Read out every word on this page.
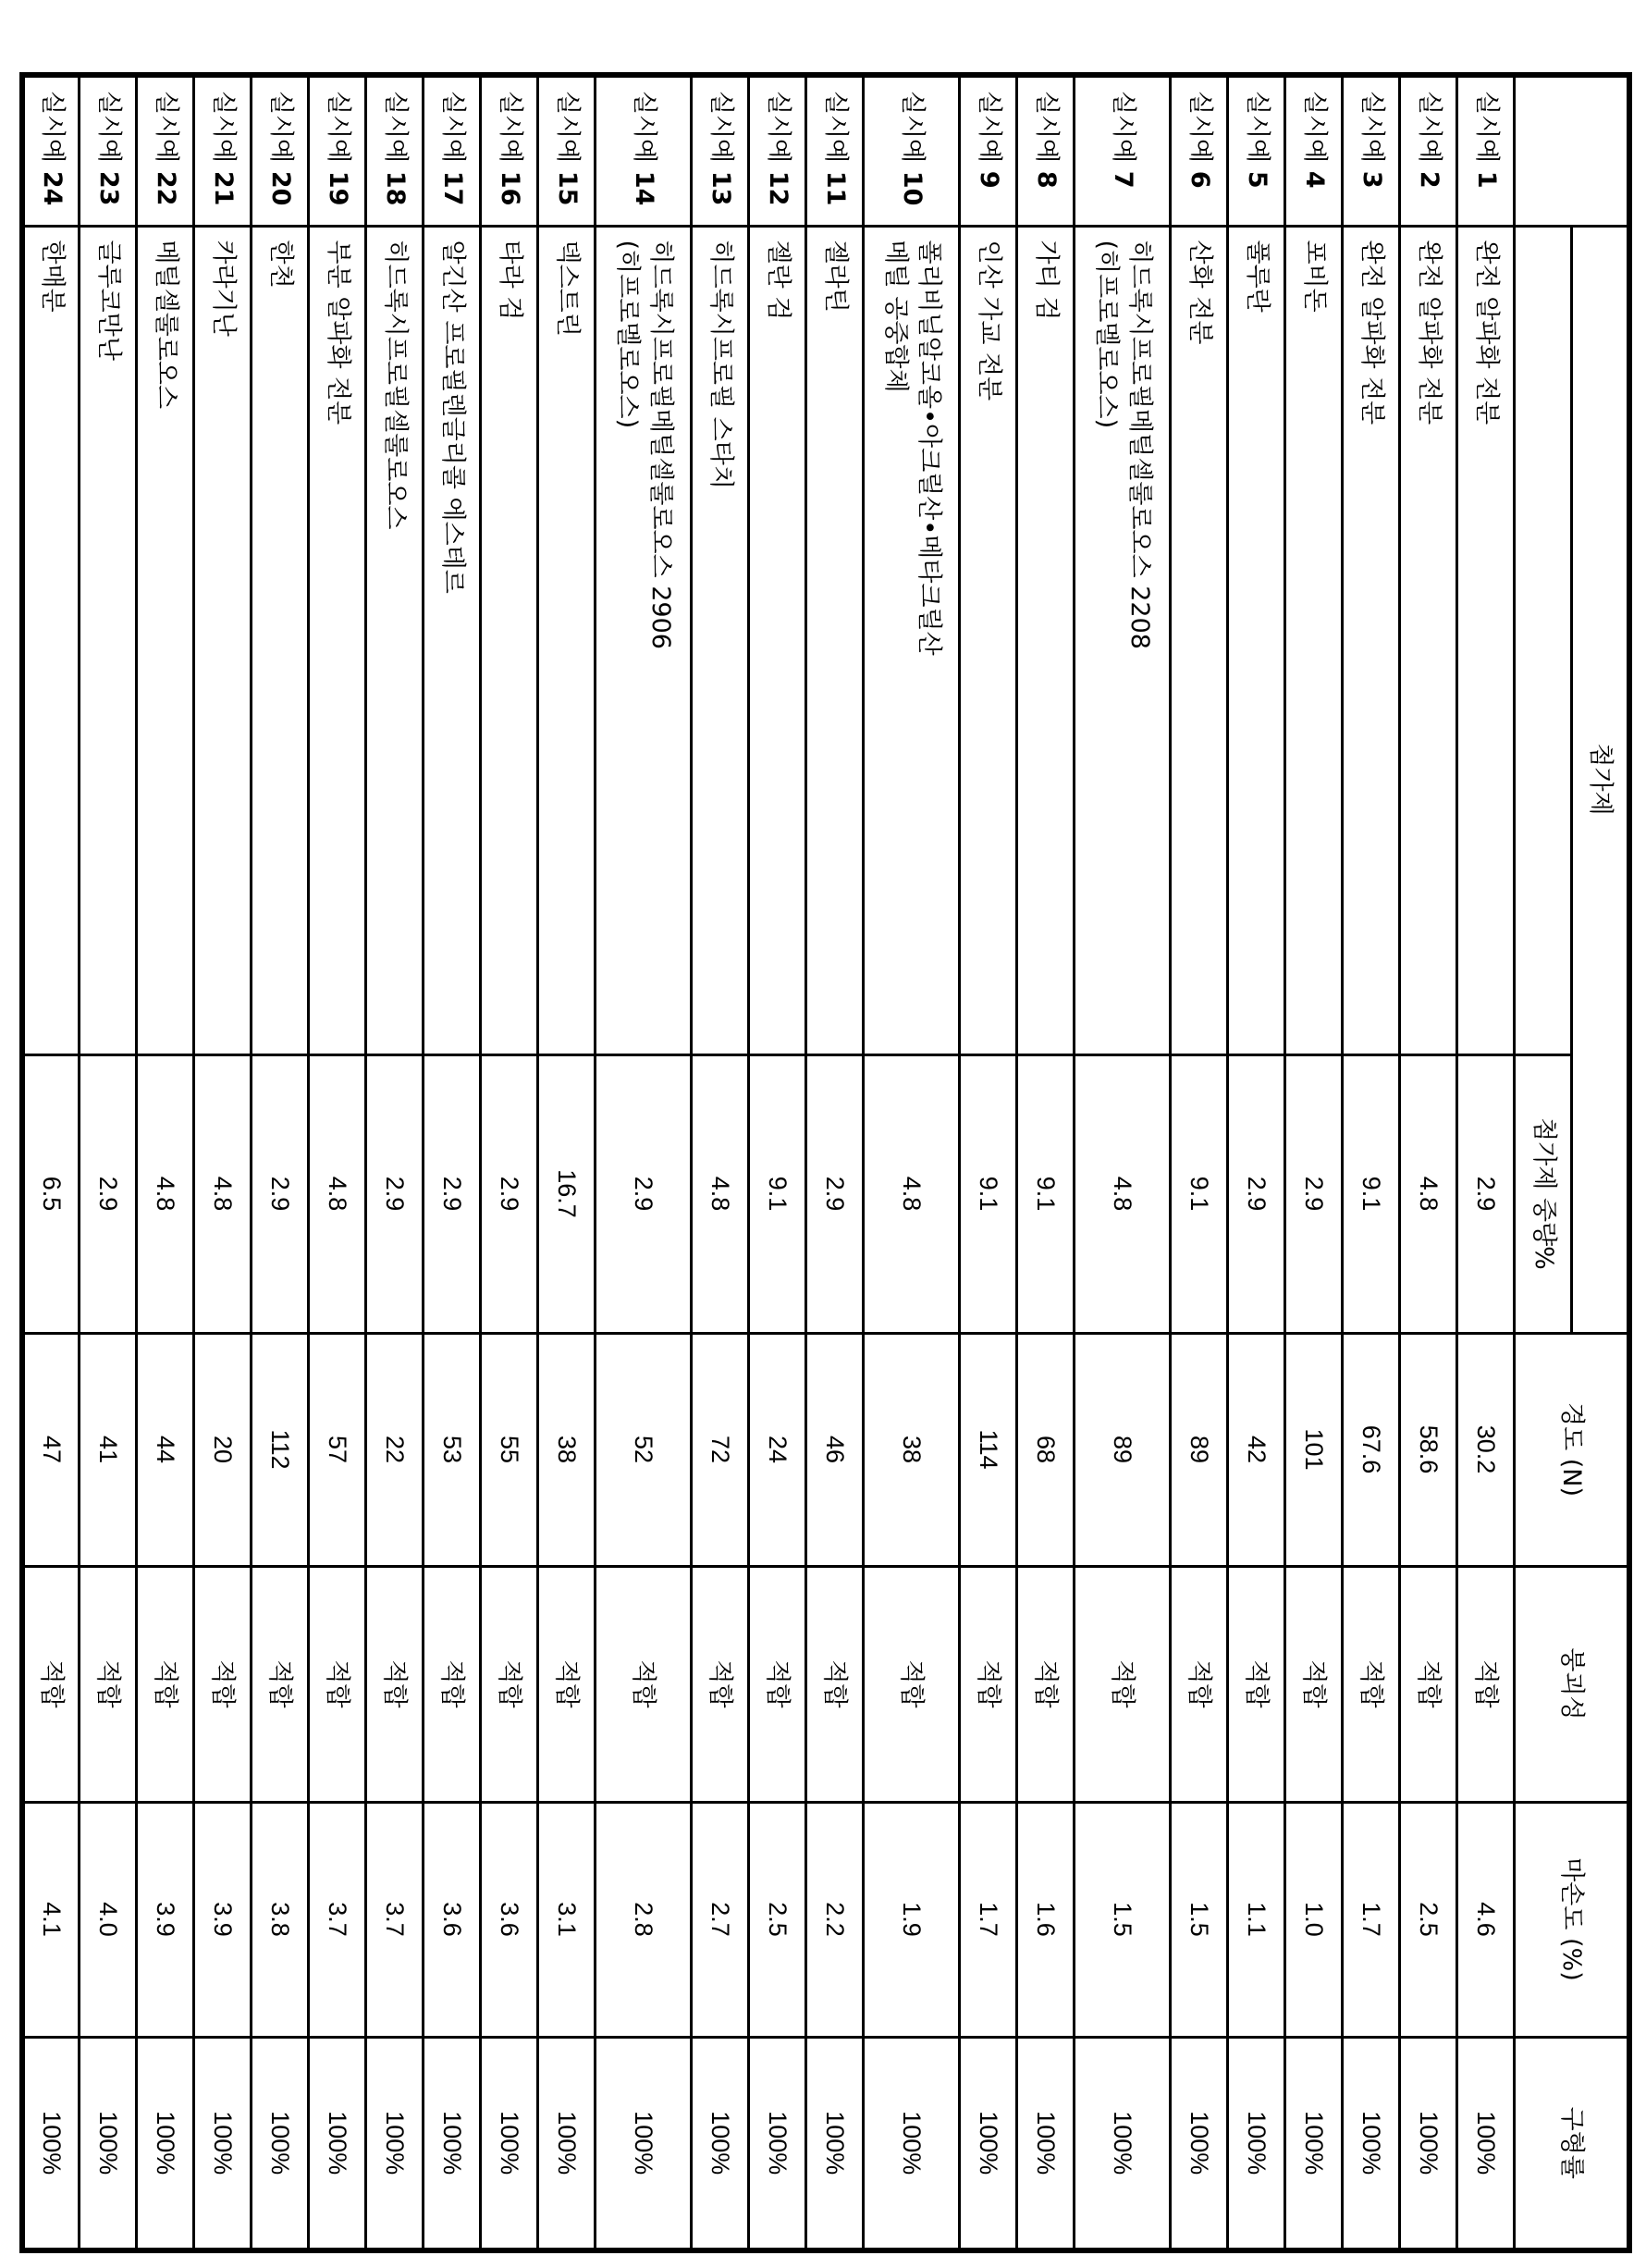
	첨가제	경도 (N)	붕괴성	마손도 (%)	구형률
	첨가제 중량%
실시예 1	
완전 알파화 전분
	2.9	30.2	적합	4.6	100%
실시예 2	
완전 알파화 전분
	4.8	58.6	적합	2.5	100%
실시예 3	
완전 알파화 전분
	9.1	67.6	적합	1.7	100%
실시예 4	
포비돈
	2.9	101	적합	1.0	100%
실시예 5	
풀루란
	2.9	42	적합	1.1	100%
실시예 6	
산화 전분
	9.1	89	적합	1.5	100%
실시예 7	
히드록시프로필메틸셀룰로오스 2208
(히프로멜로오스)
	4.8	89	적합	1.5	100%
실시예 8	
가티 검
	9.1	68	적합	1.6	100%
실시예 9	
인산 가교 전분
	9.1	114	적합	1.7	100%
실시예 10	
폴리비닐알코올•아크릴산•메타크릴산
메틸 공중합체
	4.8	38	적합	1.9	100%
실시예 11	
젤라틴
	2.9	46	적합	2.2	100%
실시예 12	
젤란 검
	9.1	24	적합	2.5	100%
실시예 13	
히드록시프로필 스타치
	4.8	72	적합	2.7	100%
실시예 14	
히드록시프로필메틸셀룰로오스 2906
(히프로멜로오스)
	2.9	52	적합	2.8	100%
실시예 15	
덱스트린
	16.7	38	적합	3.1	100%
실시예 16	
타라 검
	2.9	55	적합	3.6	100%
실시예 17	
알긴산 프로필렌글리콜 에스테르
	2.9	53	적합	3.6	100%
실시예 18	
히드록시프로필셀룰로오스
	2.9	22	적합	3.7	100%
실시예 19	
부분 알파화 전분
	4.8	57	적합	3.7	100%
실시예 20	
한천
	2.9	112	적합	3.8	100%
실시예 21	
카라기난
	4.8	20	적합	3.9	100%
실시예 22	
메틸셀룰로오스
	4.8	44	적합	3.9	100%
실시예 23	
글루코만난
	2.9	41	적합	4.0	100%
실시예 24	
한매분
	6.5	47	적합	4.1	100%
